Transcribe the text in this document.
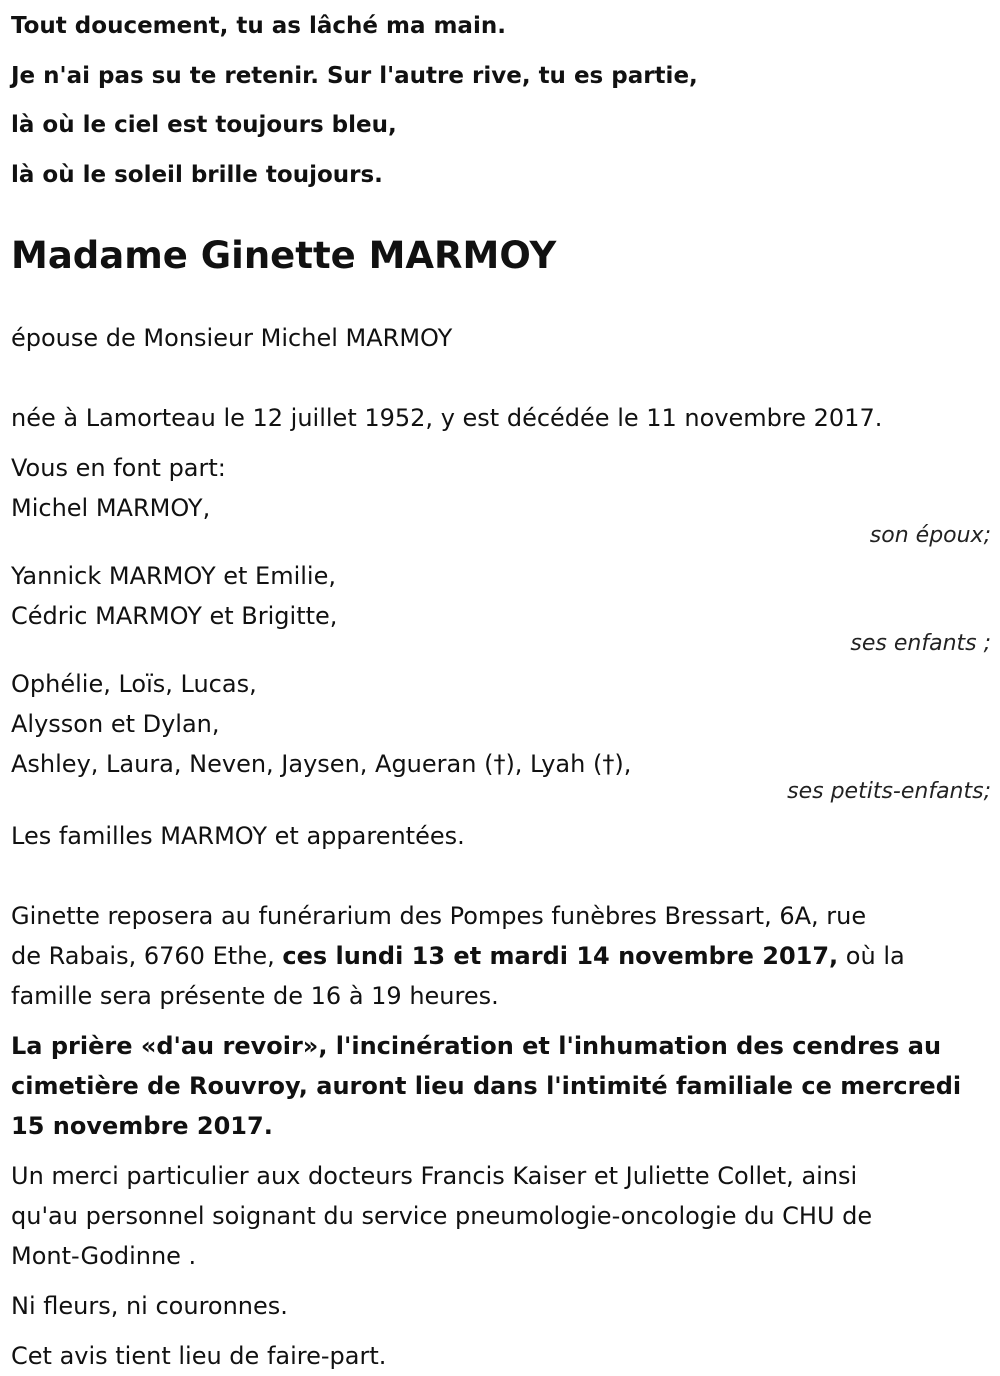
Tout doucement, tu as lâché ma main.
Je n'ai pas su te retenir. Sur l'autre rive, tu es partie,
là où le ciel est toujours bleu,
là où le soleil brille toujours.
Madame Ginette MARMOY
épouse de Monsieur Michel MARMOY
née à Lamorteau le 12 juillet 1952, y est décédée le 11 novembre 2017.
Vous en font part:
Michel MARMOY,
son époux;
Yannick MARMOY et Emilie,
Cédric MARMOY et Brigitte,
ses enfants ;
Ophélie, Loïs, Lucas,
Alysson et Dylan,
Ashley, Laura, Neven, Jaysen, Agueran (†), Lyah (†),
ses petits-enfants;
Les familles MARMOY et apparentées.
Ginette reposera au funérarium des Pompes funèbres Bressart, 6A, rue
de Rabais, 6760 Ethe, ces lundi 13 et mardi 14 novembre 2017, où la
famille sera présente de 16 à 19 heures.
La prière «d'au revoir», l'incinération et l'inhumation des cendres au
cimetière de Rouvroy, auront lieu dans l'intimité familiale ce mercredi
15 novembre 2017.
Un merci particulier aux docteurs Francis Kaiser et Juliette Collet, ainsi
qu'au personnel soignant du service pneumologie-oncologie du CHU de
Mont-Godinne .
Ni fleurs, ni couronnes.
Cet avis tient lieu de faire-part.
